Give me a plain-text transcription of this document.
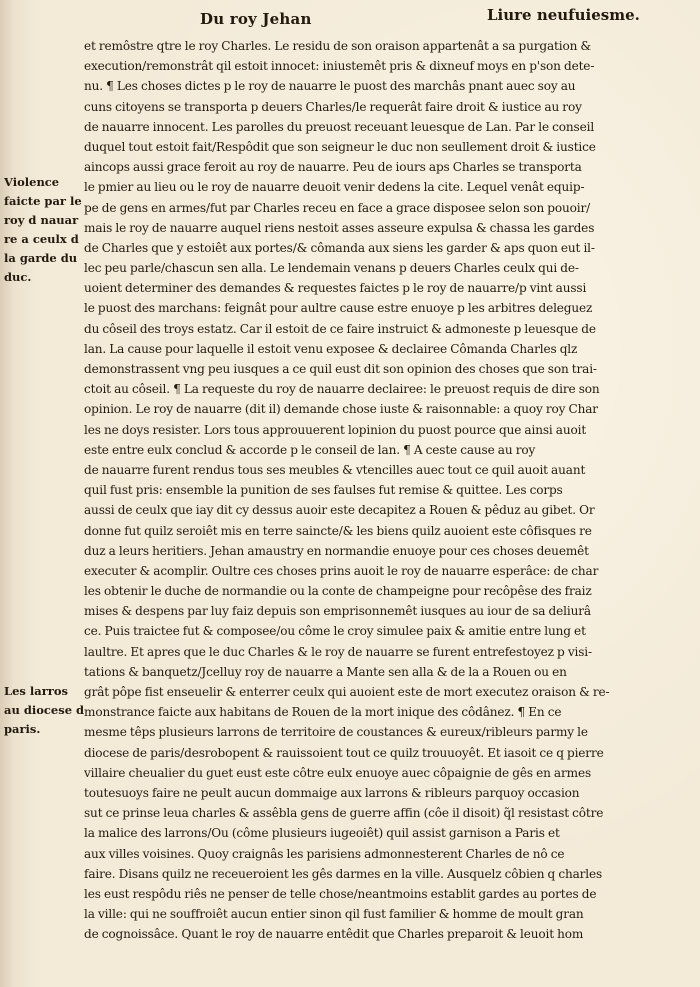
Du roy Jehan	Liure neufuiesme.
Violence
faicte par le
roy d nauar
re a ceulx d
la garde du
duc.
Les larros
au diocese d
paris.
et remôstre qtre le roy Charles. Le residu de son oraison appartenât a sa purgation &
execution/remonstrât qil estoit innocet: iniustemêt pris & dixneuf moys en p'son dete-
nu. ¶ Les choses dictes p le roy de nauarre le puost des marchâs pnant auec soy au
cuns citoyens se transporta p deuers Charles/le requerât faire droit & iustice au roy
de nauarre innocent. Les parolles du preuost receuant leuesque de Lan. Par le conseil
duquel tout estoit fait/Respôdit que son seigneur le duc non seullement droit & iustice
aincops aussi grace feroit au roy de nauarre. Peu de iours aps Charles se transporta
le pmier au lieu ou le roy de nauarre deuoit venir dedens la cite. Lequel venât equip-
pe de gens en armes/fut par Charles receu en face a grace disposee selon son pouoir/
mais le roy de nauarre auquel riens nestoit asses asseure expulsa & chassa les gardes
de Charles que y estoiêt aux portes/& cômanda aux siens les garder & aps quon eut il-
lec peu parle/chascun sen alla. Le lendemain venans p deuers Charles ceulx qui de-
uoient determiner des demandes & requestes faictes p le roy de nauarre/p vint aussi
le puost des marchans: feignât pour aultre cause estre enuoye p les arbitres deleguez
du côseil des troys estatz. Car il estoit de ce faire instruict & admoneste p leuesque de
lan. La cause pour laquelle il estoit venu exposee & declairee Cômanda Charles qlz
demonstrassent vng peu iusques a ce quil eust dit son opinion des choses que son trai-
ctoit au côseil. ¶ La requeste du roy de nauarre declairee: le preuost requis de dire son
opinion. Le roy de nauarre (dit il) demande chose iuste & raisonnable: a quoy roy Char
les ne doys resister. Lors tous approuuerent lopinion du puost pource que ainsi auoit
este entre eulx conclud & accorde p le conseil de lan. ¶ A ceste cause au roy
de nauarre furent rendus tous ses meubles & vtencilles auec tout ce quil auoit auant
quil fust pris: ensemble la punition de ses faulses fut remise & quittee. Les corps
aussi de ceulx que iay dit cy dessus auoir este decapitez a Rouen & pêduz au gibet. Or
donne fut quilz seroiêt mis en terre saincte/& les biens quilz auoient este côfisques re
duz a leurs heritiers. Jehan amaustry en normandie enuoye pour ces choses deuemêt
executer & acomplir. Oultre ces choses prins auoit le roy de nauarre esperâce: de char
les obtenir le duche de normandie ou la conte de champeigne pour recôpêse des fraiz
mises & despens par luy faiz depuis son emprisonnemêt iusques au iour de sa deliurâ
ce. Puis traictee fut & composee/ou côme le croy simulee paix & amitie entre lung et
laultre. Et apres que le duc Charles & le roy de nauarre se furent entrefestoyez p visi-
tations & banquetz/Jcelluy roy de nauarre a Mante sen alla & de la a Rouen ou en
grât pôpe fist enseuelir & enterrer ceulx qui auoient este de mort executez oraison & re-
monstrance faicte aux habitans de Rouen de la mort inique des côdânez. ¶ En ce
mesme têps plusieurs larrons de territoire de coustances & eureux/ribleurs parmy le
diocese de paris/desrobopent & rauissoient tout ce quilz trouuoyêt. Et iasoit ce q pierre
villaire cheualier du guet eust este côtre eulx enuoye auec côpaignie de gês en armes
toutesuoys faire ne peult aucun dommaige aux larrons & ribleurs parquoy occasion
sut ce prinse leua charles & assêbla gens de guerre affin (côe il disoit) q̃l resistast côtre
la malice des larrons/Ou (côme plusieurs iugeoiêt) quil assist garnison a Paris et
aux villes voisines. Quoy craignâs les parisiens admonnesterent Charles de nô ce
faire. Disans quilz ne receueroient les gês darmes en la ville. Ausquelz côbien q charles
les eust respôdu riês ne penser de telle chose/neantmoins establit gardes au portes de
la ville: qui ne souffroiêt aucun entier sinon qil fust familier & homme de moult gran
de cognoissâce. Quant le roy de nauarre entêdit que Charles preparoit & leuoit hom
